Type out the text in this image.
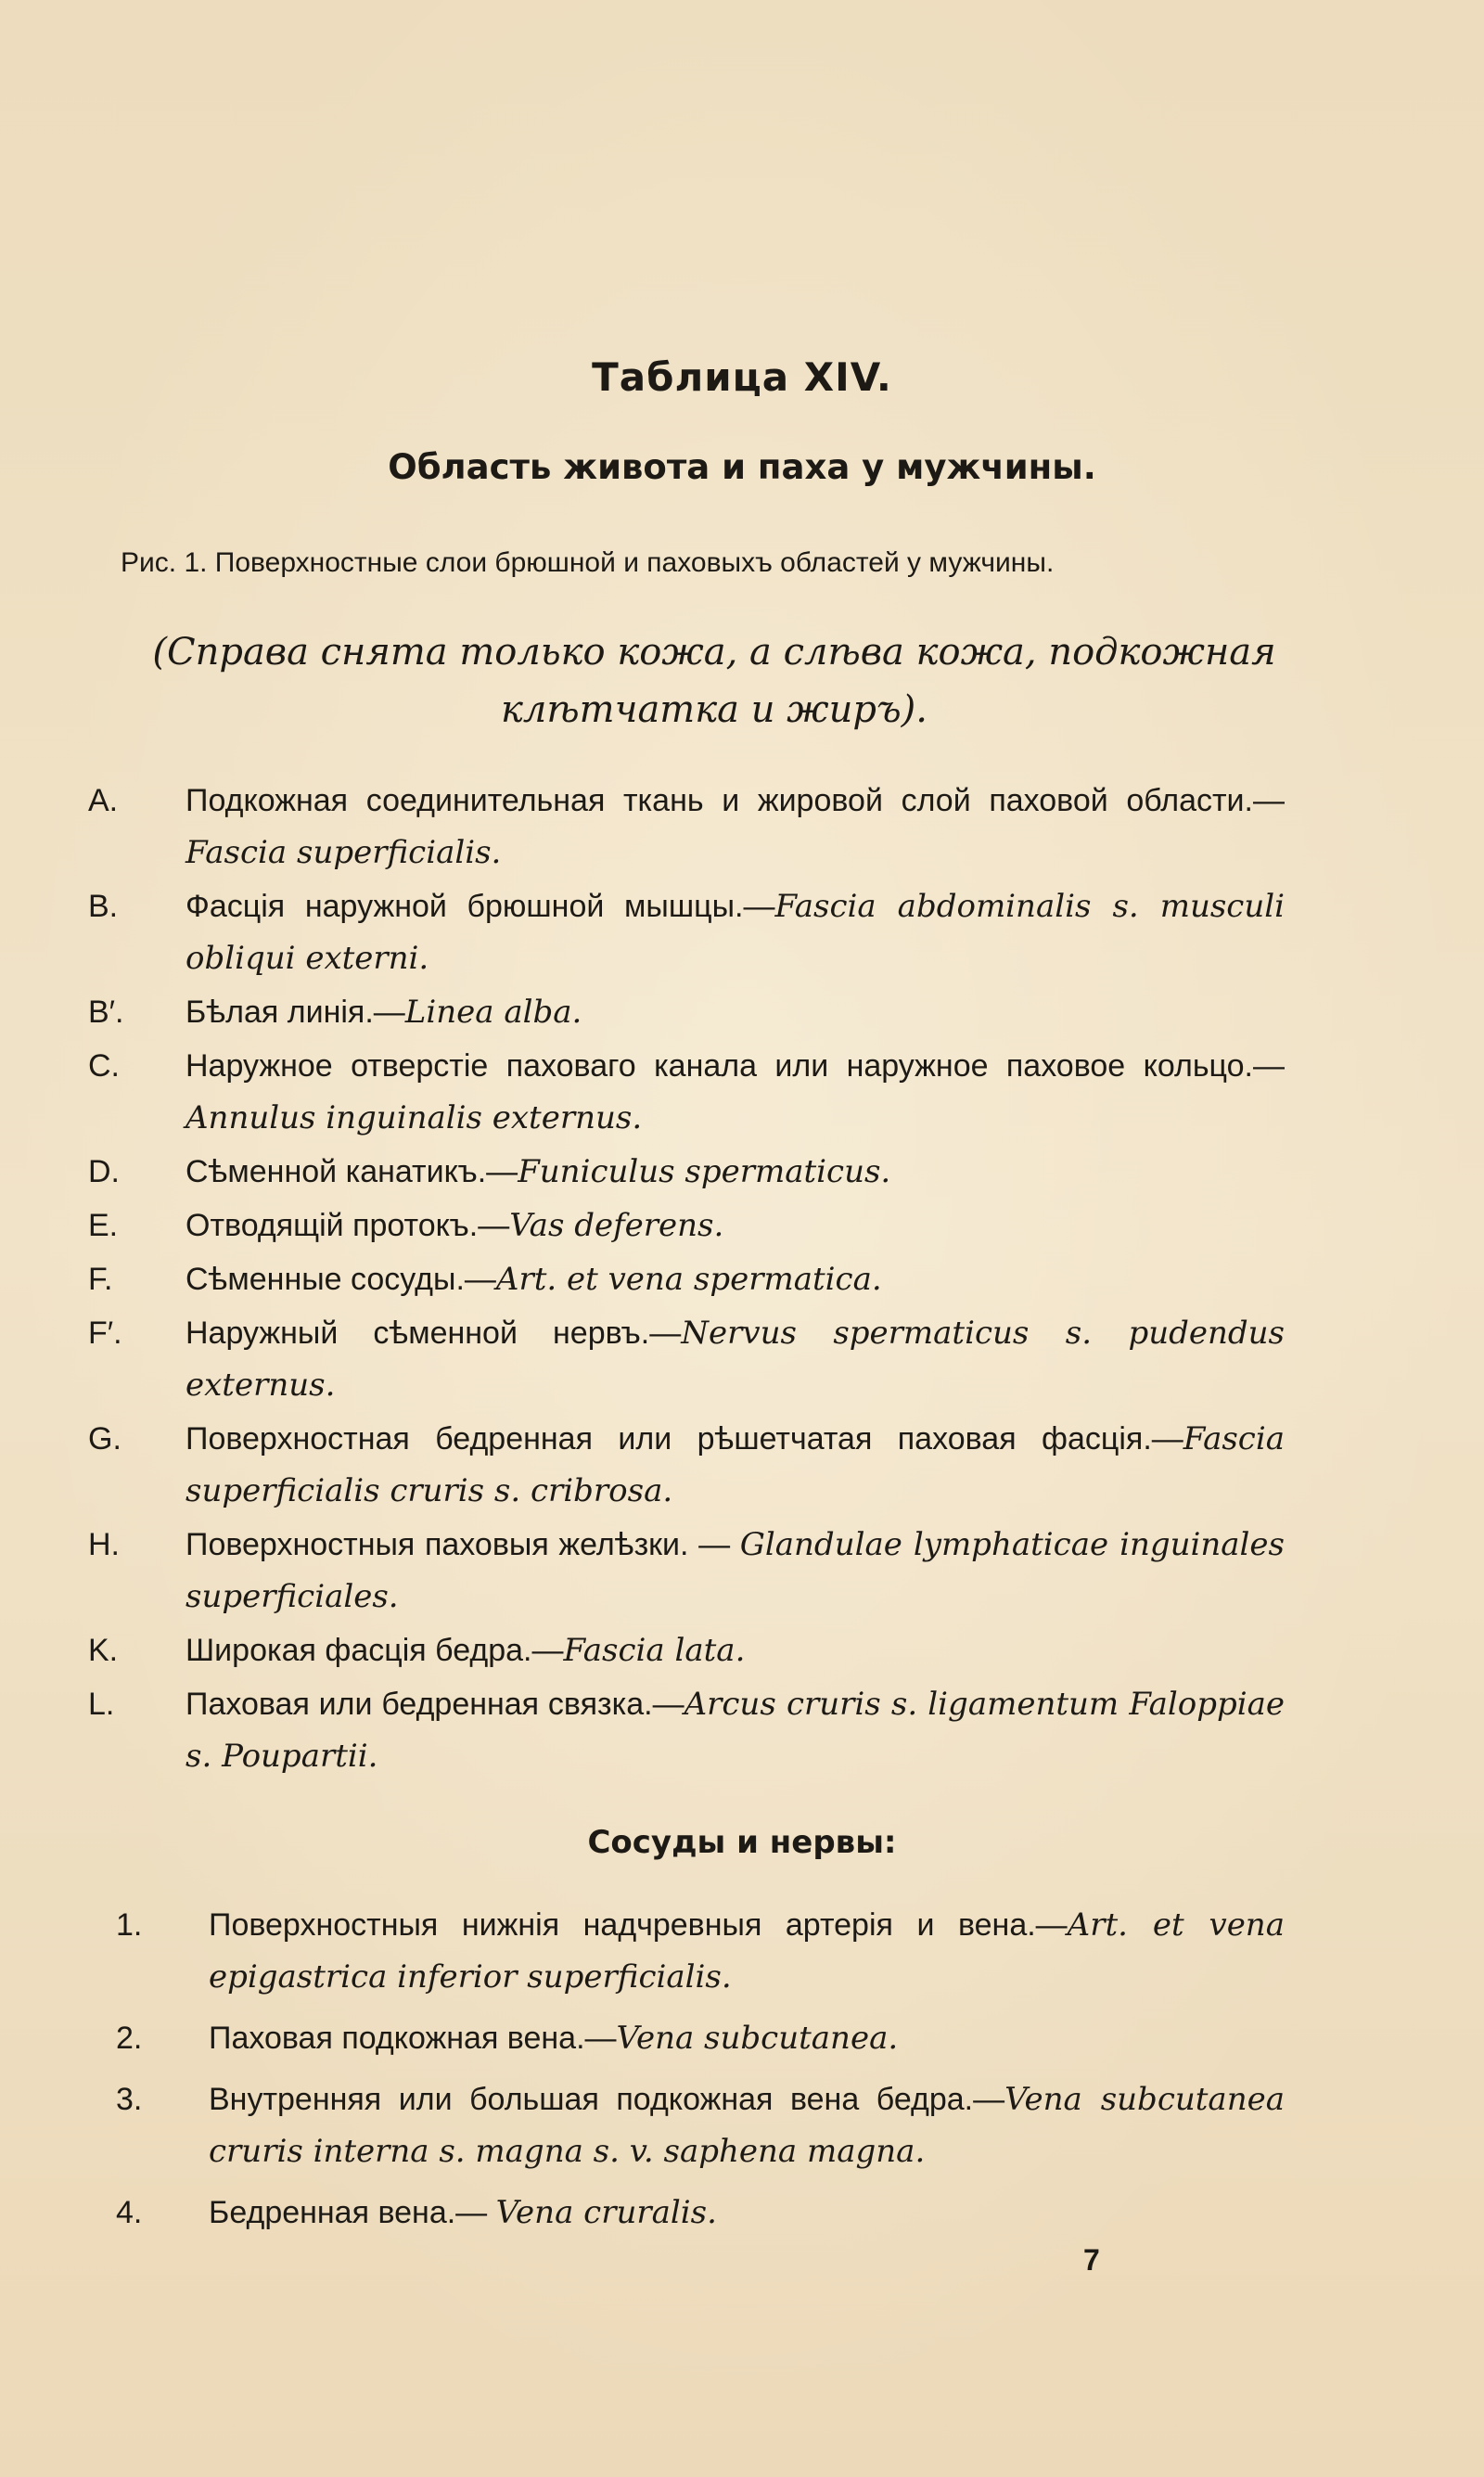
Таблица XIV.
Область живота и паха у мужчины.
Рис. 1. Поверхностные слои брюшной и паховыхъ областей у мужчины.
(Справа снята только кожа, а слѣва кожа, подкожная клѣтчатка и жиръ).
A.	Подкожная соединительная ткань и жировой слой паховой области.—Fascia superficialis.
B.	Фасція наружной брюшной мышцы.—Fascia abdominalis s. musculi obliqui externi.
B′.	Бѣлая линія.—Linea alba.
C.	Наружное отверстіе паховаго канала или наружное паховое кольцо.—Annulus inguinalis externus.
D.	Сѣменной канатикъ.—Funiculus spermaticus.
E.	Отводящій протокъ.—Vas deferens.
F.	Сѣменные сосуды.—Art. et vena spermatica.
F′.	Наружный сѣменной нервъ.—Nervus spermaticus s. pudendus externus.
G.	Поверхностная бедренная или рѣшетчатая паховая фасція.—Fascia superficialis cruris s. cribrosa.
H.	Поверхностныя паховыя желѣзки. — Glandulae lymphaticae inguinales superficiales.
K.	Широкая фасція бедра.—Fascia lata.
L.	Паховая или бедренная связка.—Arcus cruris s. ligamentum Faloppiae s. Poupartii.
Сосуды и нервы:
1.	Поверхностныя нижнія надчревныя артерія и вена.—Art. et vena epigastrica inferior superficialis.
2.	Паховая подкожная вена.—Vena subcutanea.
3.	Внутренняя или большая подкожная вена бедра.—Vena subcutanea cruris interna s. magna s. v. saphena magna.
4.	Бедренная вена.— Vena cruralis.
7
